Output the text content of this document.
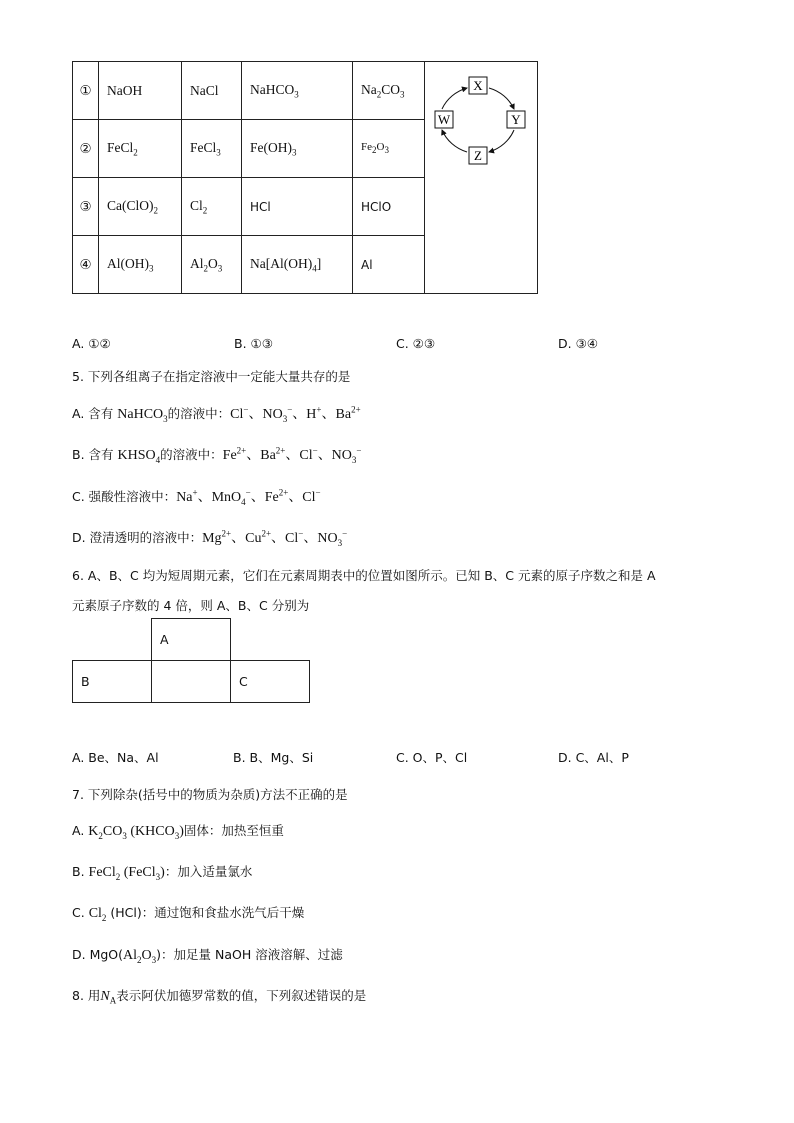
①	NaOH	NaCl	NaHCO$_3$	$Na_2CO_3$	X
Y
Z
W

②	FeCl$_2$	FeCl$_3$	$Fe(OH)_3$	$Fe_2O_3$
③	$Ca(ClO)_2$	$Cl_2$	HCl	HClO	
④	$Al(OH)_3$	$Al_2O_3$	$Na[Al(OH)_4]$	Al	
A. ①②	B. ①③	C. ②③	D. ③④
5. 下列各组离子在指定溶液中一定能大量共存的是
A. 含有 NaHCO$_3$的溶液中：Cl−、$NO_3^-$、H+、$Ba^{2+}$
B. 含有 $KHSO_4$的溶液中：$Fe^{2+}$、$Ba^{2+}$、Cl−、$NO_3^-$
C. 强酸性溶液中：Na+、MnO$_4$−、$Fe^{2+}$、Cl−
D. 澄清透明的溶液中：$Mg^{2+}$、$Cu^{2+}$、Cl−、$NO_3^-$
6. A、B、C 均为短周期元素，它们在元素周期表中的位置如图所示。已知 B、C 元素的原子序数之和是 A
元素原子序数的 4 倍，则 A、B、C 分别为
	A	
B		C
A. Be、Na、Al	B. B、Mg、Si	C. O、P、Cl	D. C、Al、P
7. 下列除杂(括号中的物质为杂质)方法不正确的是
A. $K_2CO_3$ $(KHCO_3)$固体：加热至恒重
B. FeCl$_2$ (FeCl$_3$)：加入适量氯水
C. $Cl_2$ (HCl)：通过饱和食盐水洗气后干燥
D. $MgO(Al_2O_3)$：加足量 NaOH 溶液溶解、过滤
8. 用$N_A$表示阿伏加德罗常数的值，下列叙述错误的是
